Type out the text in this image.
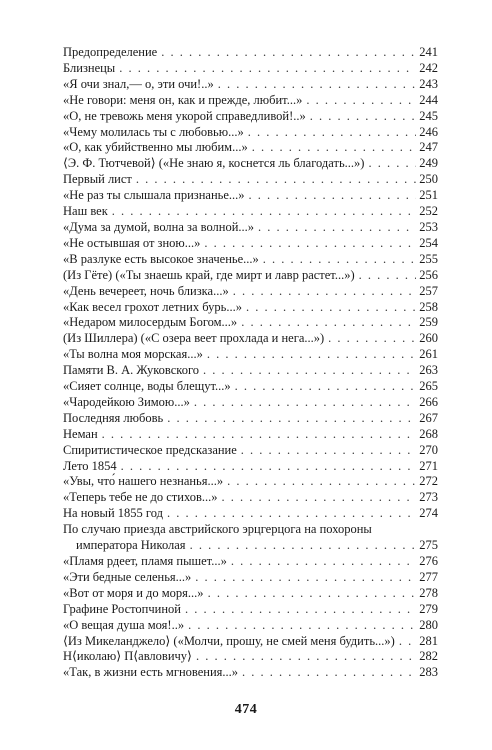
Предопределение . . .	241
Близнецы . . .	242
«Я очи знал,— о, эти очи!..» . . .	243
«Не говори: меня он, как и прежде, любит...» . . .	244
«О, не тревожь меня укорой справедливой!..» . . .	245
«Чему молилась ты с любовью...» . . .	246
«О, как убийственно мы любим...» . . .	247
⟨Э. Ф. Тютчевой⟩ («Не знаю я, коснется ль благодать...») . . .	249
Первый лист . . .	250
«Не раз ты слышала признанье...» . . .	251
Наш век . . .	252
«Дума за думой, волна за волной...» . . .	253
«Не остывшая от зною...» . . .	254
«В разлуке есть высокое значенье...» . . .	255
(Из Гёте) («Ты знаешь край, где мирт и лавр растет...») . . .	256
«День вечереет, ночь близка...» . . .	257
«Как весел грохот летних бурь...» . . .	258
«Недаром милосердым Богом...» . . .	259
(Из Шиллера) («С озера веет прохлада и нега...») . . .	260
«Ты волна моя морская...» . . .	261
Памяти В. А. Жуковского . . .	263
«Сияет солнце, воды блещут...» . . .	265
«Чародейкою Зимою...» . . .	266
Последняя любовь . . .	267
Неман . . .	268
Спиритистическое предсказание . . .	270
Лето 1854 . . .	271
«Увы, что́ нашего незнанья...» . . .	272
«Теперь тебе не до стихов...» . . .	273
На новый 1855 год . . .	274
По случаю приезда австрийского эрцгерцога на похороны
императора Николая . . .	275
«Пламя рдеет, пламя пышет...» . . .	276
«Эти бедные селенья...» . . .	277
«Вот от моря и до моря...» . . .	278
Графине Ростопчиной . . .	279
«О вещая душа моя!..» . . .	280
⟨Из Микеланджело⟩ («Молчи, прошу, не смей меня будить...») . . . 281
Н⟨иколаю⟩ П⟨авловичу⟩ . . .	282
«Так, в жизни есть мгновения...» . . .	283
474
